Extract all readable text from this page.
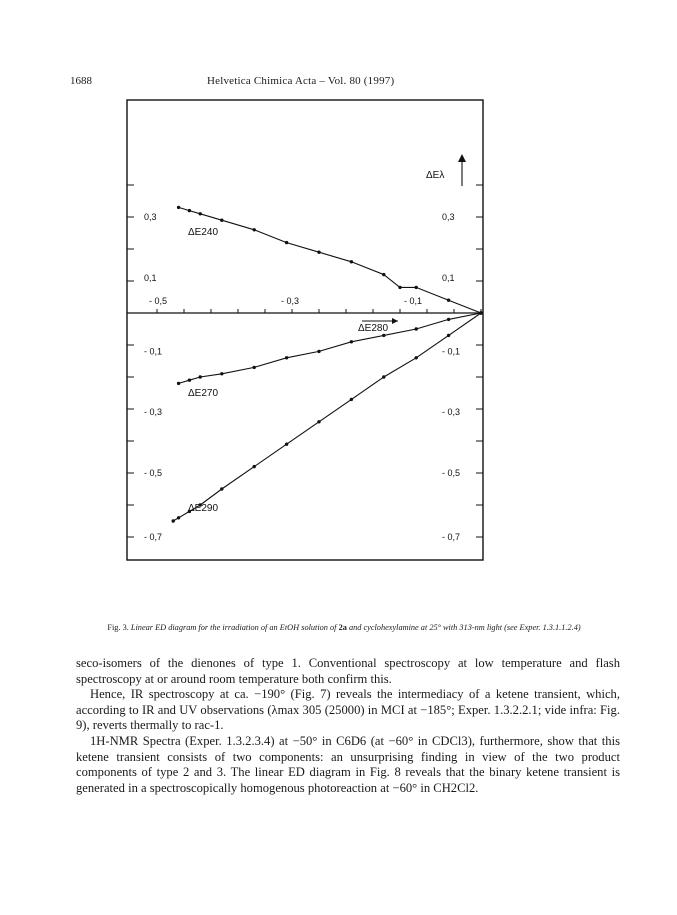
1688	Helvetica Chimica Acta – Vol. 80 (1997)
0,3
0,1
- 0,1
- 0,3
- 0,5
- 0,7
0,3
0,1
- 0,1
- 0,3
- 0,5
- 0,7
- 0,5	- 0,3	- 0,1
ΔE240
ΔE270
ΔE290
ΔE280
ΔEλ
Fig. 3. Linear ED diagram for the irradiation of an EtOH solution of 2a and cyclohexylamine at 25° with 313-nm light (see Exper. 1.3.1.1.2.4)

seco-isomers of the dienones of type 1. Conventional spectroscopy at low temperature and flash spectroscopy at or around room temperature both confirm this.

Hence, IR spectroscopy at ca. −190° (Fig. 7) reveals the intermediacy of a ketene transient, which, according to IR and UV observations (λmax 305 (25000) in MCI at −185°; Exper. 1.3.2.2.1; vide infra: Fig. 9), reverts thermally to rac-1.

1H-NMR Spectra (Exper. 1.3.2.3.4) at −50° in C6D6 (at −60° in CDCl3), furthermore, show that this ketene transient consists of two components: an unsurprising finding in view of the two product components of type 2 and 3. The linear ED diagram in Fig. 8 reveals that the binary ketene transient is generated in a spectroscopically homogenous photoreaction at −60° in CH2Cl2.
